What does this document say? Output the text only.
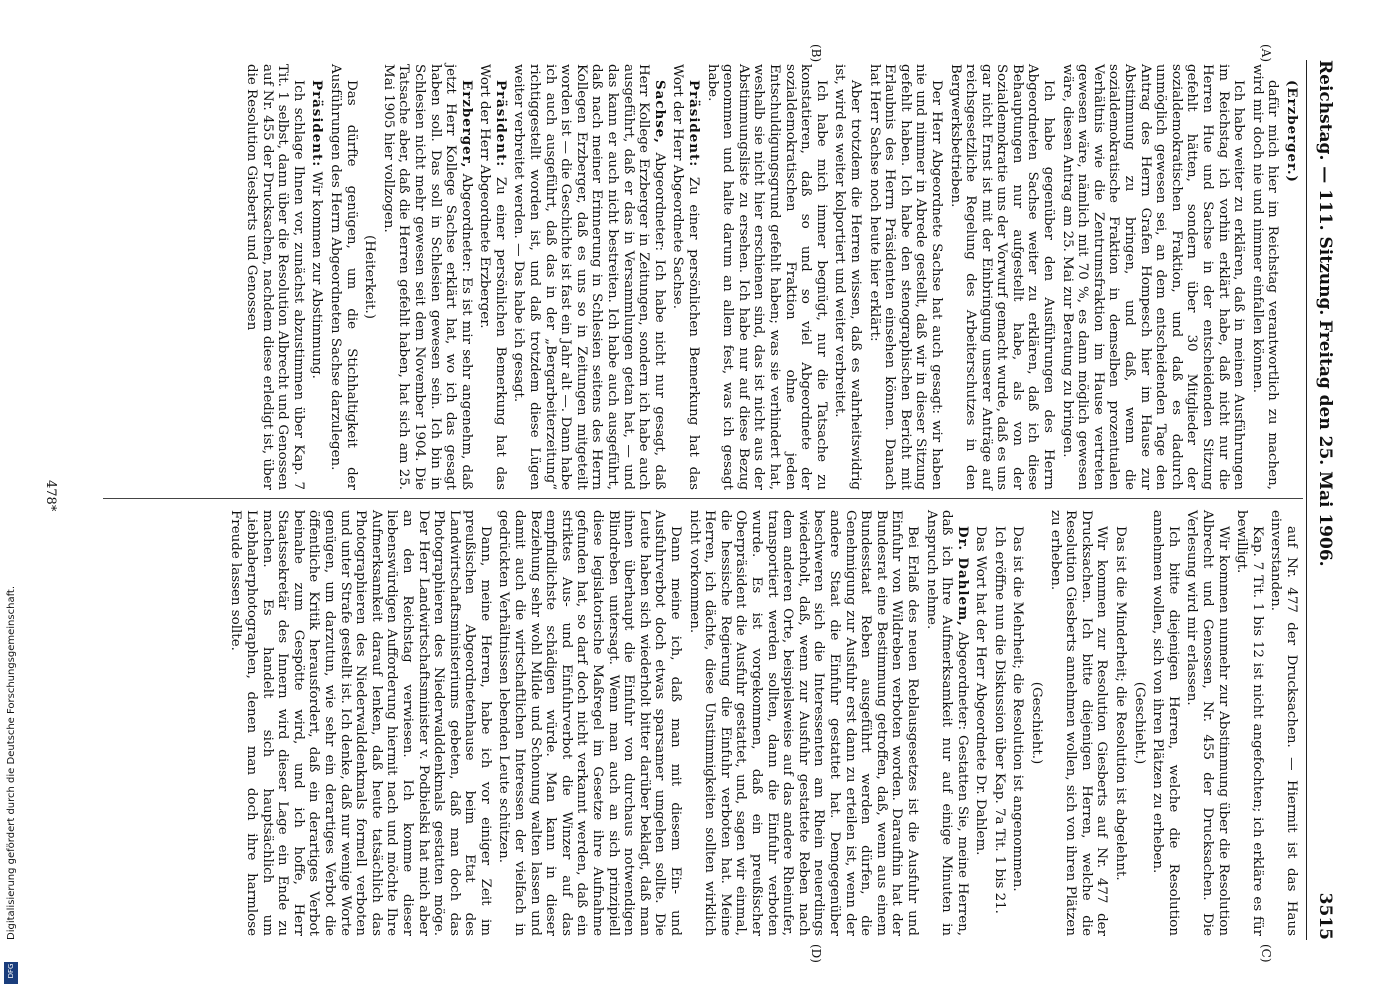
Reichstag. — 111. Sitzung.
Freitag den 25. Mai 1906.
3515
(A)
(B)
(C)
(D)

(Erzberger.)

dafür mich hier im Reichstag verantwortlich zu machen, wird mir doch nie und nimmer einfallen können.

Ich habe weiter zu erklären, daß in meinen Ausführungen im Reichstag ich vorhin erklärt habe, daß nicht nur die Herren Hue und Sachse in der entscheidenden Sitzung gefehlt hätten, sondern über 30 Mitglieder der sozialdemokratischen Fraktion, und daß es dadurch unmöglich gewesen sei, an dem entscheidenden Tage den Antrag des Herrn Grafen Hompesch hier im Hause zur Abstimmung zu bringen, und daß, wenn die sozialdemokratische Fraktion in demselben prozentualen Verhältnis wie die Zentrumsfraktion im Hause vertreten gewesen wäre, nämlich mit 70 %, es dann möglich gewesen wäre, diesen Antrag am 25. Mai zur Beratung zu bringen.

Ich habe gegenüber den Ausführungen des Herrn Abgeordneten Sachse weiter zu erklären, daß ich diese Behauptungen nur aufgestellt habe, als von der Sozialdemokratie uns der Vorwurf gemacht wurde, daß es uns gar nicht Ernst ist mit der Einbringung unserer Anträge auf reichsgesetzliche Regelung des Arbeiterschutzes in den Bergwerksbetrieben.

Der Herr Abgeordnete Sachse hat auch gesagt: wir haben nie und nimmer in Abrede gestellt, daß wir in dieser Sitzung gefehlt haben. Ich habe den stenographischen Bericht mit Erlaubnis des Herrn Präsidenten einsehen können. Danach hat Herr Sachse noch heute hier erklärt:

Aber trotzdem die Herren wissen, daß es wahrheitswidrig ist, wird es weiter kolportiert und weiter verbreitet.

Ich habe mich immer begnügt, nur die Tatsache zu konstatieren, daß so und so viel Abgeordnete der sozialdemokratischen Fraktion ohne jeden Entschuldigungsgrund gefehlt haben; was sie verhindert hat, weshalb sie nicht hier erschienen sind, das ist nicht aus der Abstimmungsliste zu ersehen. Ich habe nur auf diese Bezug genommen und halte darum an allem fest, was ich gesagt habe.

Präsident: Zu einer persönlichen Bemerkung hat das Wort der Herr Abgeordnete Sachse.

Sachse, Abgeordneter: Ich habe nicht nur gesagt, daß Herr Kollege Erzberger in Zeitungen, sondern ich habe auch ausgeführt, daß er das in Versammlungen getan hat, — und das kann er auch nicht bestreiten. Ich habe auch ausgeführt, daß nach meiner Erinnerung in Schlesien seitens des Herrn Kollegen Erzberger, daß es uns so in Zeitungen mitgeteilt worden ist — die Geschichte ist fast ein Jahr alt —. Dann habe ich auch ausgeführt, daß das in der „Bergarbeiterzeitung“ richtiggestellt worden ist, und daß trotzdem diese Lügen weiter verbreitet werden. — Das habe ich gesagt.

Präsident: Zu einer persönlichen Bemerkung hat das Wort der Herr Abgeordnete Erzberger.

Erzberger, Abgeordneter: Es ist mir sehr angenehm, daß jetzt Herr Kollege Sachse erklärt hat, wo ich das gesagt haben soll. Das soll in Schlesien gewesen sein. Ich bin in Schlesien nicht mehr gewesen seit dem November 1904. Die Tatsache aber, daß die Herren gefehlt haben, hat sich am 25. Mai 1905 hier vollzogen.

(Heiterkeit.)

Das dürfte genügen, um die Stichhaltigkeit der Ausführungen des Herrn Abgeordneten Sachse darzulegen.

Präsident: Wir kommen zur Abstimmung.

Ich schlage Ihnen vor, zunächst abzustimmen über Kap. 7 Tit. 1 selbst, dann über die Resolution Albrecht und Genossen auf Nr. 455 der Drucksachen, nachdem diese erledigt ist, über die Resolution Giesberts und Genossen

auf Nr. 477 der Drucksachen. — Hiermit ist das Haus einverstanden.

Kap. 7 Tit. 1 bis 12 ist nicht angefochten; ich erkläre es für bewilligt.

Wir kommen nunmehr zur Abstimmung über die Resolution Albrecht und Genossen, Nr. 455 der Drucksachen. Die Verlesung wird mir erlassen.

Ich bitte diejenigen Herren, welche die Resolution annehmen wollen, sich von ihren Plätzen zu erheben.

(Geschieht.)

Das ist die Minderheit; die Resolution ist abgelehnt.

Wir kommen zur Resolution Giesberts auf Nr. 477 der Drucksachen. Ich bitte diejenigen Herren, welche die Resolution Giesberts annehmen wollen, sich von ihren Plätzen zu erheben.

(Geschieht.)

Das ist die Mehrheit; die Resolution ist angenommen.

Ich eröffne nun die Diskussion über Kap. 7a Tit. 1 bis 21.

Das Wort hat der Herr Abgeordnete Dr. Dahlem.

Dr. Dahlem, Abgeordneter: Gestatten Sie, meine Herren, daß ich Ihre Aufmerksamkeit nur auf einige Minuten in Anspruch nehme.

Bei Erlaß des neuen Reblausgesetzes ist die Ausfuhr und Einfuhr von Wildreben verboten worden. Daraufhin hat der Bundesrat eine Bestimmung getroffen, daß, wenn aus einem Bundesstaat Reben ausgeführt werden dürfen, die Genehmigung zur Ausfuhr erst dann zu erteilen ist, wenn der andere Staat die Einfuhr gestattet hat. Demgegenüber beschweren sich die Interessenten am Rhein neuerdings wiederholt, daß, wenn zur Ausfuhr gestattete Reben nach dem anderen Orte, beispielsweise auf das andere Rheinufer, transportiert werden sollten, dann die Einfuhr verboten wurde. Es ist vorgekommen, daß ein preußischer Oberpräsident die Ausfuhr gestattet, und, sagen wir einmal, die hessische Regierung die Einfuhr verboten hat. Meine Herren, ich dächte, diese Unstimmigkeiten sollten wirklich nicht vorkommen.

Dann meine ich, daß man mit diesem Ein- und Ausfuhrverbot doch etwas sparsamer umgehen sollte. Die Leute haben sich wiederholt bitter darüber beklagt, daß man ihnen überhaupt die Einfuhr von durchaus notwendigen Blindreben untersagt. Wenn man auch an sich prinzipiell diese legislatorische Maßregel im Gesetze ihre Aufnahme gefunden hat, so darf doch nicht verkannt werden, daß ein striktes Aus- und Einfuhrverbot die Winzer auf das empfindlichste schädigen würde. Man kann in dieser Beziehung sehr wohl Milde und Schonung walten lassen und damit auch die wirtschaftlichen Interessen der vielfach in gedrückten Verhältnissen lebenden Leute schützen.

Dann, meine Herren, habe ich vor einiger Zeit im preußischen Abgeordnetenhause beim Etat des Landwirtschaftsministeriums gebeten, daß man doch das Photographieren des Niederwalddenkmals gestatten möge. Der Herr Landwirtschaftsminister v. Podbielski hat mich aber an den Reichstag verwiesen. Ich komme dieser liebenswürdigen Aufforderung hiermit nach und möchte Ihre Aufmerksamkeit darauf lenken, daß heute tatsächlich das Photographieren des Niederwalddenkmals formell verboten und unter Strafe gestellt ist. Ich denke, daß nur wenige Worte genügen, um darzutun, wie sehr ein derartiges Verbot die öffentliche Kritik herausfordert, daß ein derartiges Verbot beinahe zum Gespötte wird, und ich hoffe, Herr Staatssekretär des Innern wird dieser Lage ein Ende zu machen. Es handelt sich hauptsächlich um Liebhaberphotographen, denen man doch ihre harmlose Freude lassen sollte.

478*
Digitalisierung gefördert durch die Deutsche Forschungsgemeinschaft.
DFG
